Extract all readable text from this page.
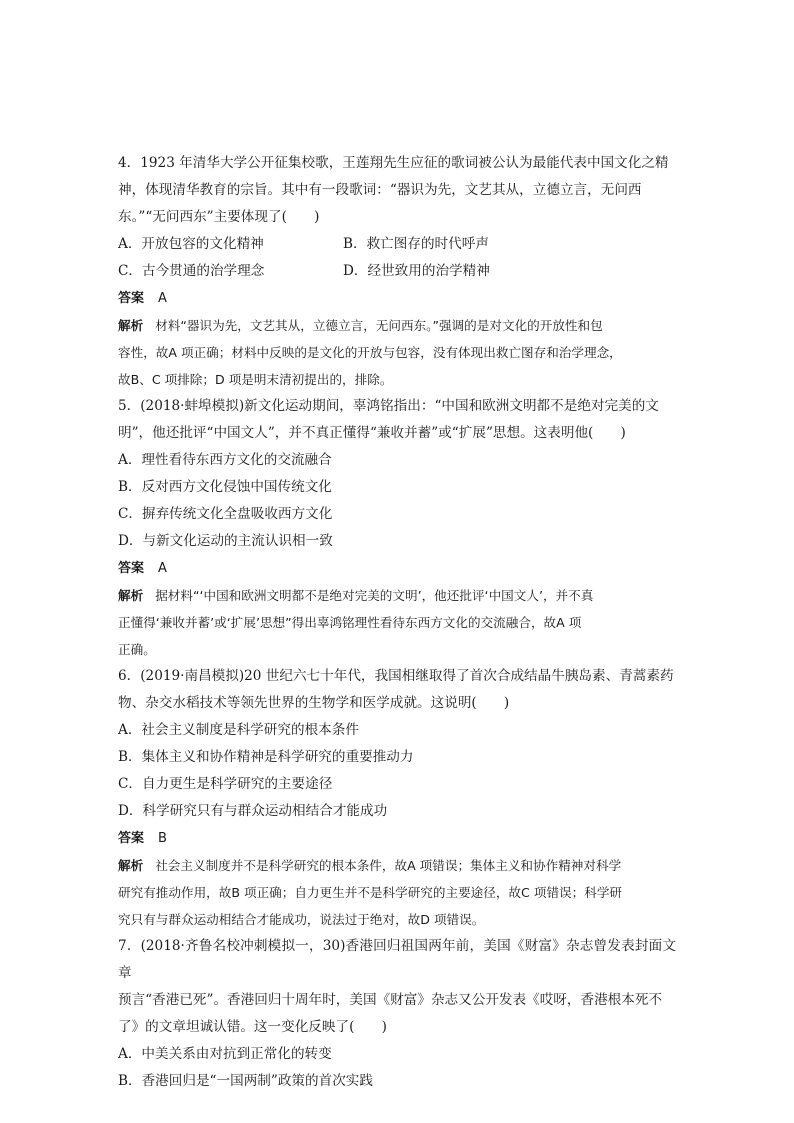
4．1923 年清华大学公开征集校歌，王莲翔先生应征的歌词被公认为最能代表中国文化之精

神，体现清华教育的宗旨。其中有一段歌词：“器识为先，文艺其从，立德立言，无问西

东。”“无问西东”主要体现了(　　)

A．开放包容的文化精神	B．救亡图存的时代呼声

C．古今贯通的治学理念	D．经世致用的治学精神

答案 A

解析 材料“器识为先，文艺其从，立德立言，无问西东。”强调的是对文化的开放性和包
容性，故A 项正确；材料中反映的是文化的开放与包容，没有体现出救亡图存和治学理念，
故B、C 项排除；D 项是明末清初提出的，排除。

5．(2018·蚌埠模拟)新文化运动期间，辜鸿铭指出：“中国和欧洲文明都不是绝对完美的文

明”，他还批评“中国文人”，并不真正懂得“兼收并蓄”或“扩展”思想。这表明他(　　)

A．理性看待东西方文化的交流融合

B．反对西方文化侵蚀中国传统文化

C．摒弃传统文化全盘吸收西方文化

D．与新文化运动的主流认识相一致

答案 A

解析 据材料“‘中国和欧洲文明都不是绝对完美的文明’，他还批评‘中国文人’，并不真
正懂得‘兼收并蓄’或‘扩展’思想”得出辜鸿铭理性看待东西方文化的交流融合，故A 项
正确。

6．(2019·南昌模拟)20 世纪六七十年代，我国相继取得了首次合成结晶牛胰岛素、青蒿素药

物、杂交水稻技术等领先世界的生物学和医学成就。这说明(　　)

A．社会主义制度是科学研究的根本条件

B．集体主义和协作精神是科学研究的重要推动力

C．自力更生是科学研究的主要途径

D．科学研究只有与群众运动相结合才能成功

答案 B

解析 社会主义制度并不是科学研究的根本条件，故A 项错误；集体主义和协作精神对科学
研究有推动作用，故B 项正确；自力更生并不是科学研究的主要途径，故C 项错误；科学研
究只有与群众运动相结合才能成功，说法过于绝对，故D 项错误。

7．(2018·齐鲁名校冲刺模拟一，30)香港回归祖国两年前，美国《财富》杂志曾发表封面文章

预言“香港已死”。香港回归十周年时，美国《财富》杂志又公开发表《哎呀，香港根本死不

了》的文章坦诚认错。这一变化反映了(　　)

A．中美关系由对抗到正常化的转变

B．香港回归是“一国两制”政策的首次实践
